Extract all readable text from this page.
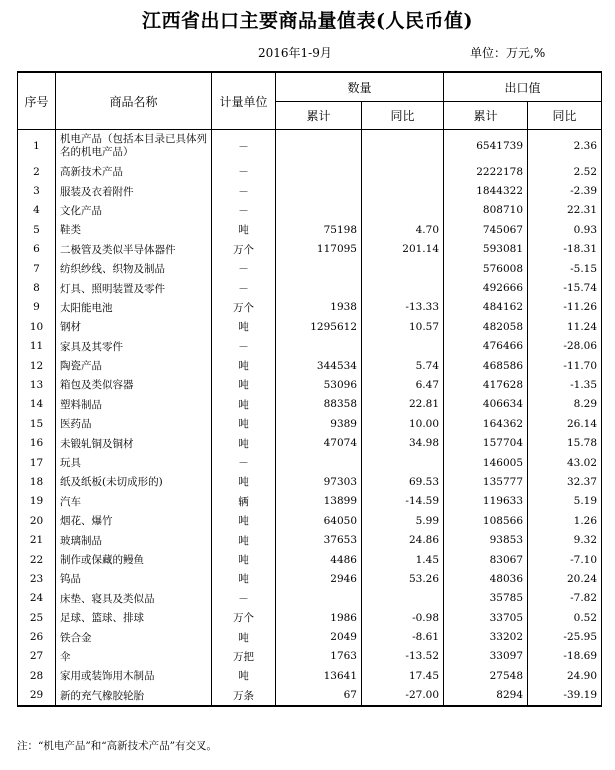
江西省出口主要商品量值表(人民币值)
2016年1-9月	单位：万元,%
序号	商品名称	计量单位	数量		出口值	
			累计	同比	累计	同比
1	机电产品（包括本目录已具体列名的机电产品）	－			6541739	2.36
2	高新技术产品	－			2222178	2.52
3	服装及衣着附件	－			1844322	-2.39
4	文化产品	－			808710	22.31
5	鞋类	吨	75198	4.70	745067	0.93
6	二极管及类似半导体器件	万个	117095	201.14	593081	-18.31
7	纺织纱线、织物及制品	－			576008	-5.15
8	灯具、照明装置及零件	－			492666	-15.74
9	太阳能电池	万个	1938	-13.33	484162	-11.26
10	钢材	吨	1295612	10.57	482058	11.24
11	家具及其零件	－			476466	-28.06
12	陶瓷产品	吨	344534	5.74	468586	-11.70
13	箱包及类似容器	吨	53096	6.47	417628	-1.35
14	塑料制品	吨	88358	22.81	406634	8.29
15	医药品	吨	9389	10.00	164362	26.14
16	未锻轧铜及铜材	吨	47074	34.98	157704	15.78
17	玩具	－			146005	43.02
18	纸及纸板(未切成形的)	吨	97303	69.53	135777	32.37
19	汽车	辆	13899	-14.59	119633	5.19
20	烟花、爆竹	吨	64050	5.99	108566	1.26
21	玻璃制品	吨	37653	24.86	93853	9.32
22	制作或保藏的鳗鱼	吨	4486	1.45	83067	-7.10
23	钨品	吨	2946	53.26	48036	20.24
24	床垫、寝具及类似品	－			35785	-7.82
25	足球、篮球、排球	万个	1986	-0.98	33705	0.52
26	铁合金	吨	2049	-8.61	33202	-25.95
27	伞	万把	1763	-13.52	33097	-18.69
28	家用或装饰用木制品	吨	13641	17.45	27548	24.90
29	新的充气橡胶轮胎	万条	67	-27.00	8294	-39.19
注：“机电产品”和“高新技术产品”有交叉。
